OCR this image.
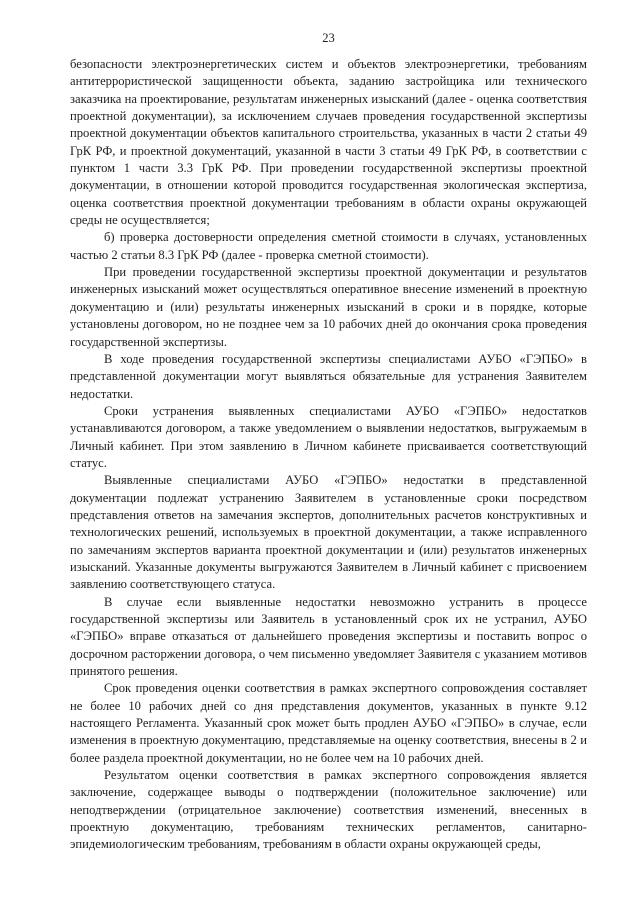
23

безопасности электроэнергетических систем и объектов электроэнергетики, требованиям антитеррористической защищенности объекта, заданию застройщика или технического заказчика на проектирование, результатам инженерных изысканий (далее - оценка соответствия проектной документации), за исключением случаев проведения государственной экспертизы проектной документации объектов капитального строительства, указанных в части 2 статьи 49 ГрК РФ, и проектной документаций, указанной в части 3 статьи 49 ГрК РФ, в соответствии с пунктом 1 части 3.3 ГрК РФ. При проведении государственной экспертизы проектной документации, в отношении которой проводится государственная экологическая экспертиза, оценка соответствия проектной документации требованиям в области охраны окружающей среды не осуществляется;

б) проверка достоверности определения сметной стоимости в случаях, установленных частью 2 статьи 8.3 ГрК РФ (далее - проверка сметной стоимости).

При проведении государственной экспертизы проектной документации и результатов инженерных изысканий может осуществляться оперативное внесение изменений в проектную документацию и (или) результаты инженерных изысканий в сроки и в порядке, которые установлены договором, но не позднее чем за 10 рабочих дней до окончания срока проведения государственной экспертизы.

В ходе проведения государственной экспертизы специалистами АУБО «ГЭПБО» в представленной документации могут выявляться обязательные для устранения Заявителем недостатки.

Сроки устранения выявленных специалистами АУБО «ГЭПБО» недостатков устанавливаются договором, а также уведомлением о выявлении недостатков, выгружаемым в Личный кабинет. При этом заявлению в Личном кабинете присваивается соответствующий статус.

Выявленные специалистами АУБО «ГЭПБО» недостатки в представленной документации подлежат устранению Заявителем в установленные сроки посредством представления ответов на замечания экспертов, дополнительных расчетов конструктивных и технологических решений, используемых в проектной документации, а также исправленного по замечаниям экспертов варианта проектной документации и (или) результатов инженерных изысканий. Указанные документы выгружаются Заявителем в Личный кабинет с присвоением заявлению соответствующего статуса.

В случае если выявленные недостатки невозможно устранить в процессе государственной экспертизы или Заявитель в установленный срок их не устранил, АУБО «ГЭПБО» вправе отказаться от дальнейшего проведения экспертизы и поставить вопрос о досрочном расторжении договора, о чем письменно уведомляет Заявителя с указанием мотивов принятого решения.

Срок проведения оценки соответствия в рамках экспертного сопровождения составляет не более 10 рабочих дней со дня представления документов, указанных в пункте 9.12 настоящего Регламента. Указанный срок может быть продлен АУБО «ГЭПБО» в случае, если изменения в проектную документацию, представляемые на оценку соответствия, внесены в 2 и более раздела проектной документации, но не более чем на 10 рабочих дней.

Результатом оценки соответствия в рамках экспертного сопровождения является заключение, содержащее выводы о подтверждении (положительное заключение) или неподтверждении (отрицательное заключение) соответствия изменений, внесенных в проектную документацию, требованиям технических регламентов, санитарно-эпидемиологическим требованиям, требованиям в области охраны окружающей среды,
